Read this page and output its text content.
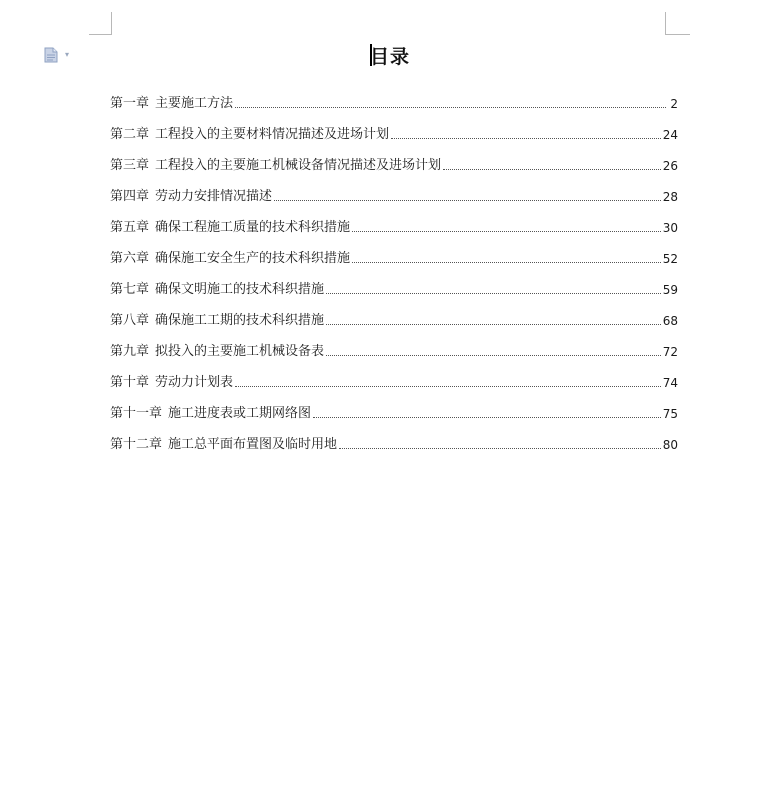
▾	目录
第一章 主要施工方法	2
第二章 工程投入的主要材料情况描述及进场计划	24
第三章 工程投入的主要施工机械设备情况描述及进场计划	26
第四章 劳动力安排情况描述	28
第五章 确保工程施工质量的技术科织措施	30
第六章 确保施工安全生产的技术科织措施	52
第七章 确保文明施工的技术科织措施	59
第八章 确保施工工期的技术科织措施	68
第九章 拟投入的主要施工机械设备表	72
第十章 劳动力计划表	74
第十一章 施工进度表或工期网络图	75
第十二章 施工总平面布置图及临时用地	80
